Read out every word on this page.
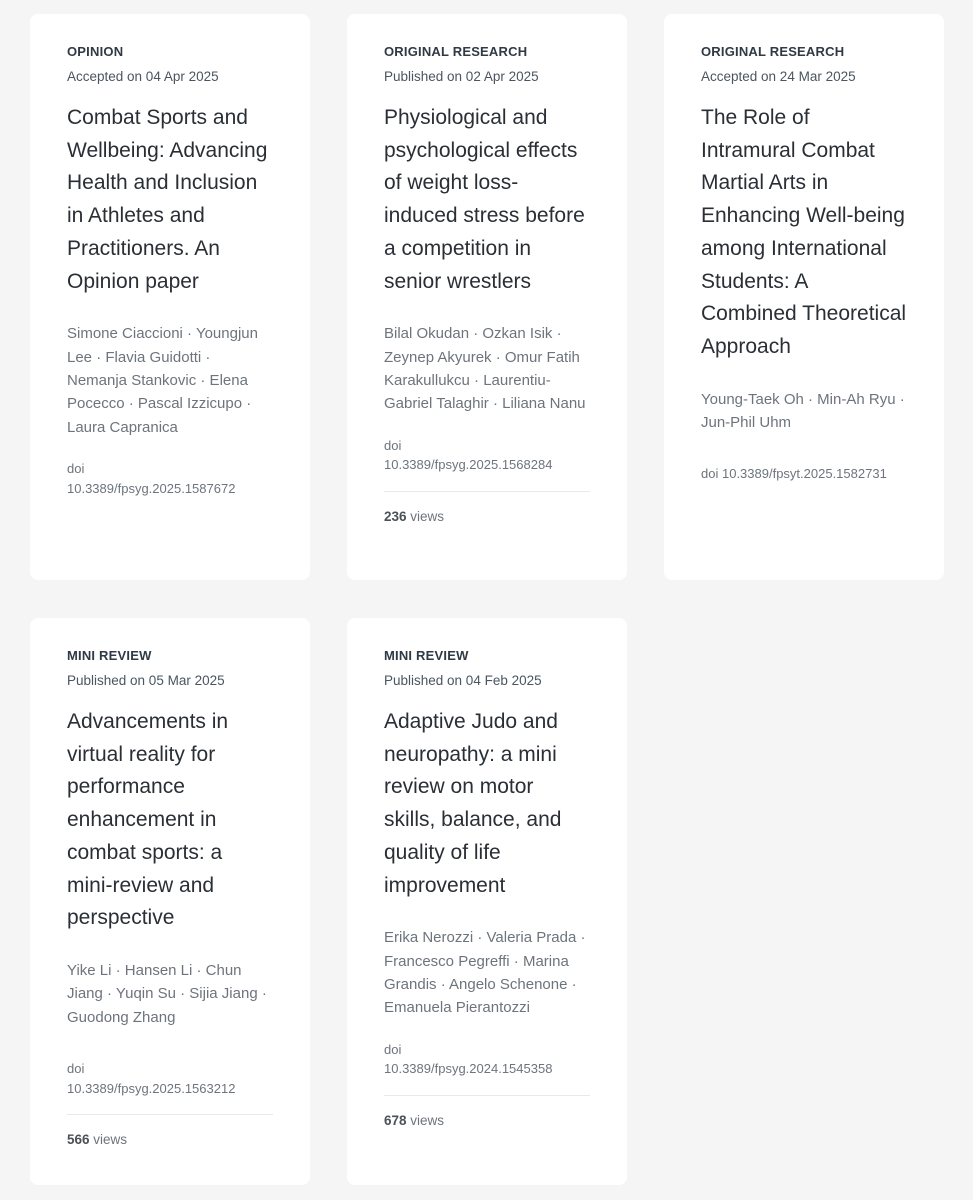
OPINION

Accepted on 04 Apr 2025

Combat Sports and Wellbeing: Advancing Health and Inclusion in Athletes and Practitioners. An Opinion paper

Simone Ciaccioni · Youngjun Lee · Flavia Guidotti · Nemanja Stankovic · Elena Pocecco · Pascal Izzicupo · Laura Capranica

doi
10.3389/fpsyg.2025.1587672

ORIGINAL RESEARCH

Published on 02 Apr 2025

Physiological and psychological effects of weight loss-induced stress before a competition in senior wrestlers

Bilal Okudan · Ozkan Isik · Zeynep Akyurek · Omur Fatih Karakullukcu · Laurentiu-Gabriel Talaghir · Liliana Nanu

doi
10.3389/fpsyg.2025.1568284

236 views

ORIGINAL RESEARCH

Accepted on 24 Mar 2025

The Role of Intramural Combat Martial Arts in Enhancing Well-being among International Students: A Combined Theoretical Approach

Young-Taek Oh · Min-Ah Ryu · Jun-Phil Uhm

doi 10.3389/fpsyt.2025.1582731

MINI REVIEW

Published on 05 Mar 2025

Advancements in virtual reality for performance enhancement in combat sports: a mini-review and perspective

Yike Li · Hansen Li · Chun Jiang · Yuqin Su · Sijia Jiang · Guodong Zhang

doi
10.3389/fpsyg.2025.1563212

566 views

MINI REVIEW

Published on 04 Feb 2025

Adaptive Judo and neuropathy: a mini review on motor skills, balance, and quality of life improvement

Erika Nerozzi · Valeria Prada · Francesco Pegreffi · Marina Grandis · Angelo Schenone · Emanuela Pierantozzi

doi
10.3389/fpsyg.2024.1545358

678 views
